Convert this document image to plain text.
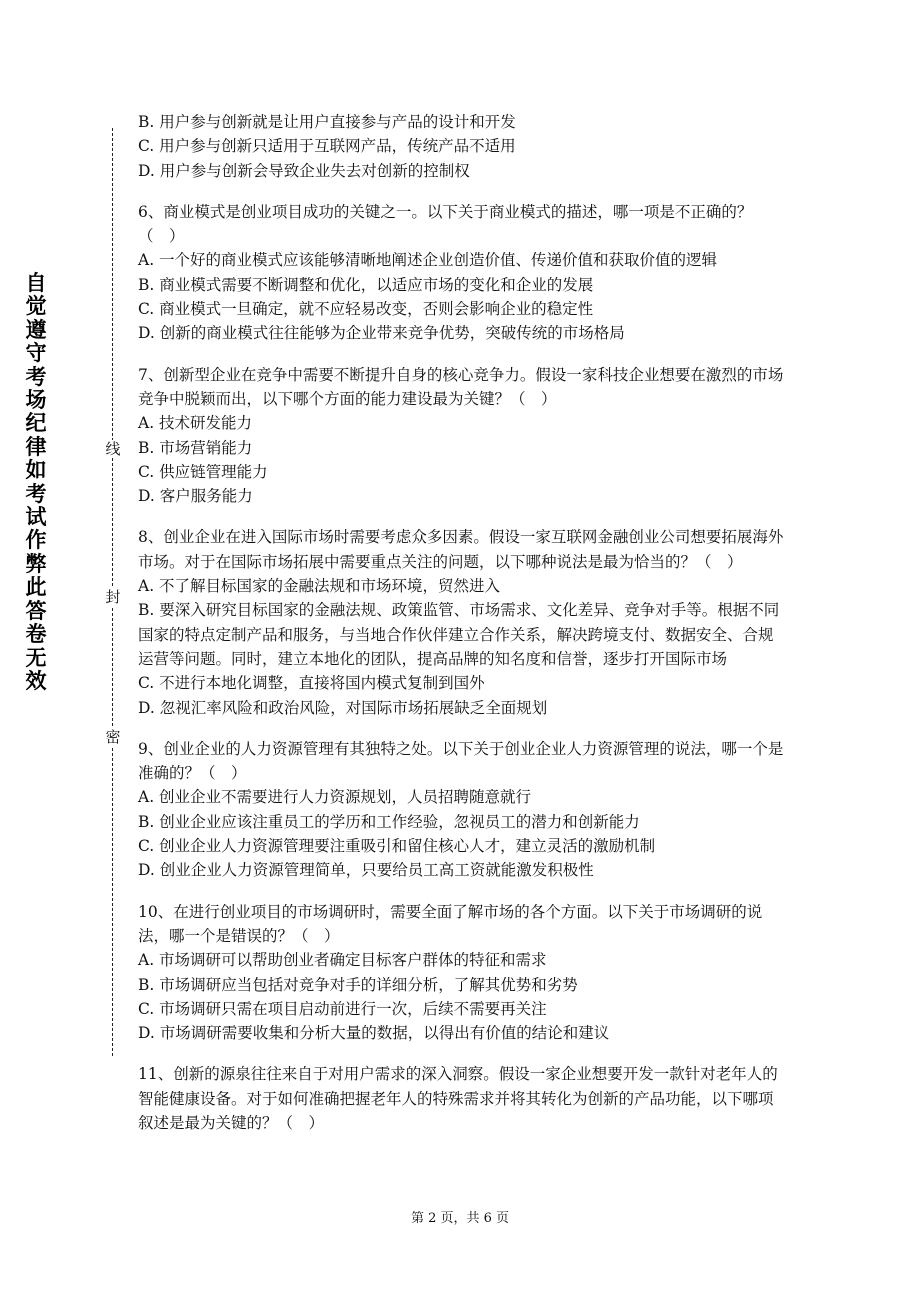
自觉遵守考场纪律如考试作弊此答卷无效
线
封
密

B. 用户参与创新就是让用户直接参与产品的设计和开发

C. 用户参与创新只适用于互联网产品，传统产品不适用

D. 用户参与创新会导致企业失去对创新的控制权

6、商业模式是创业项目成功的关键之一。以下关于商业模式的描述，哪一项是不正确的？（　）

A. 一个好的商业模式应该能够清晰地阐述企业创造价值、传递价值和获取价值的逻辑

B. 商业模式需要不断调整和优化，以适应市场的变化和企业的发展

C. 商业模式一旦确定，就不应轻易改变，否则会影响企业的稳定性

D. 创新的商业模式往往能够为企业带来竞争优势，突破传统的市场格局

7、创新型企业在竞争中需要不断提升自身的核心竞争力。假设一家科技企业想要在激烈的市场竞争中脱颖而出，以下哪个方面的能力建设最为关键？（　）

A. 技术研发能力

B. 市场营销能力

C. 供应链管理能力

D. 客户服务能力

8、创业企业在进入国际市场时需要考虑众多因素。假设一家互联网金融创业公司想要拓展海外市场。对于在国际市场拓展中需要重点关注的问题，以下哪种说法是最为恰当的？（　）

A. 不了解目标国家的金融法规和市场环境，贸然进入

B. 要深入研究目标国家的金融法规、政策监管、市场需求、文化差异、竞争对手等。根据不同国家的特点定制产品和服务，与当地合作伙伴建立合作关系，解决跨境支付、数据安全、合规运营等问题。同时，建立本地化的团队，提高品牌的知名度和信誉，逐步打开国际市场

C. 不进行本地化调整，直接将国内模式复制到国外

D. 忽视汇率风险和政治风险，对国际市场拓展缺乏全面规划

9、创业企业的人力资源管理有其独特之处。以下关于创业企业人力资源管理的说法，哪一个是准确的？（　）

A. 创业企业不需要进行人力资源规划，人员招聘随意就行

B. 创业企业应该注重员工的学历和工作经验，忽视员工的潜力和创新能力

C. 创业企业人力资源管理要注重吸引和留住核心人才，建立灵活的激励机制

D. 创业企业人力资源管理简单，只要给员工高工资就能激发积极性

10、在进行创业项目的市场调研时，需要全面了解市场的各个方面。以下关于市场调研的说法，哪一个是错误的？（　）

A. 市场调研可以帮助创业者确定目标客户群体的特征和需求

B. 市场调研应当包括对竞争对手的详细分析，了解其优势和劣势

C. 市场调研只需在项目启动前进行一次，后续不需要再关注

D. 市场调研需要收集和分析大量的数据，以得出有价值的结论和建议

11、创新的源泉往往来自于对用户需求的深入洞察。假设一家企业想要开发一款针对老年人的智能健康设备。对于如何准确把握老年人的特殊需求并将其转化为创新的产品功能，以下哪项叙述是最为关键的？（　）

第 2 页，共 6 页
